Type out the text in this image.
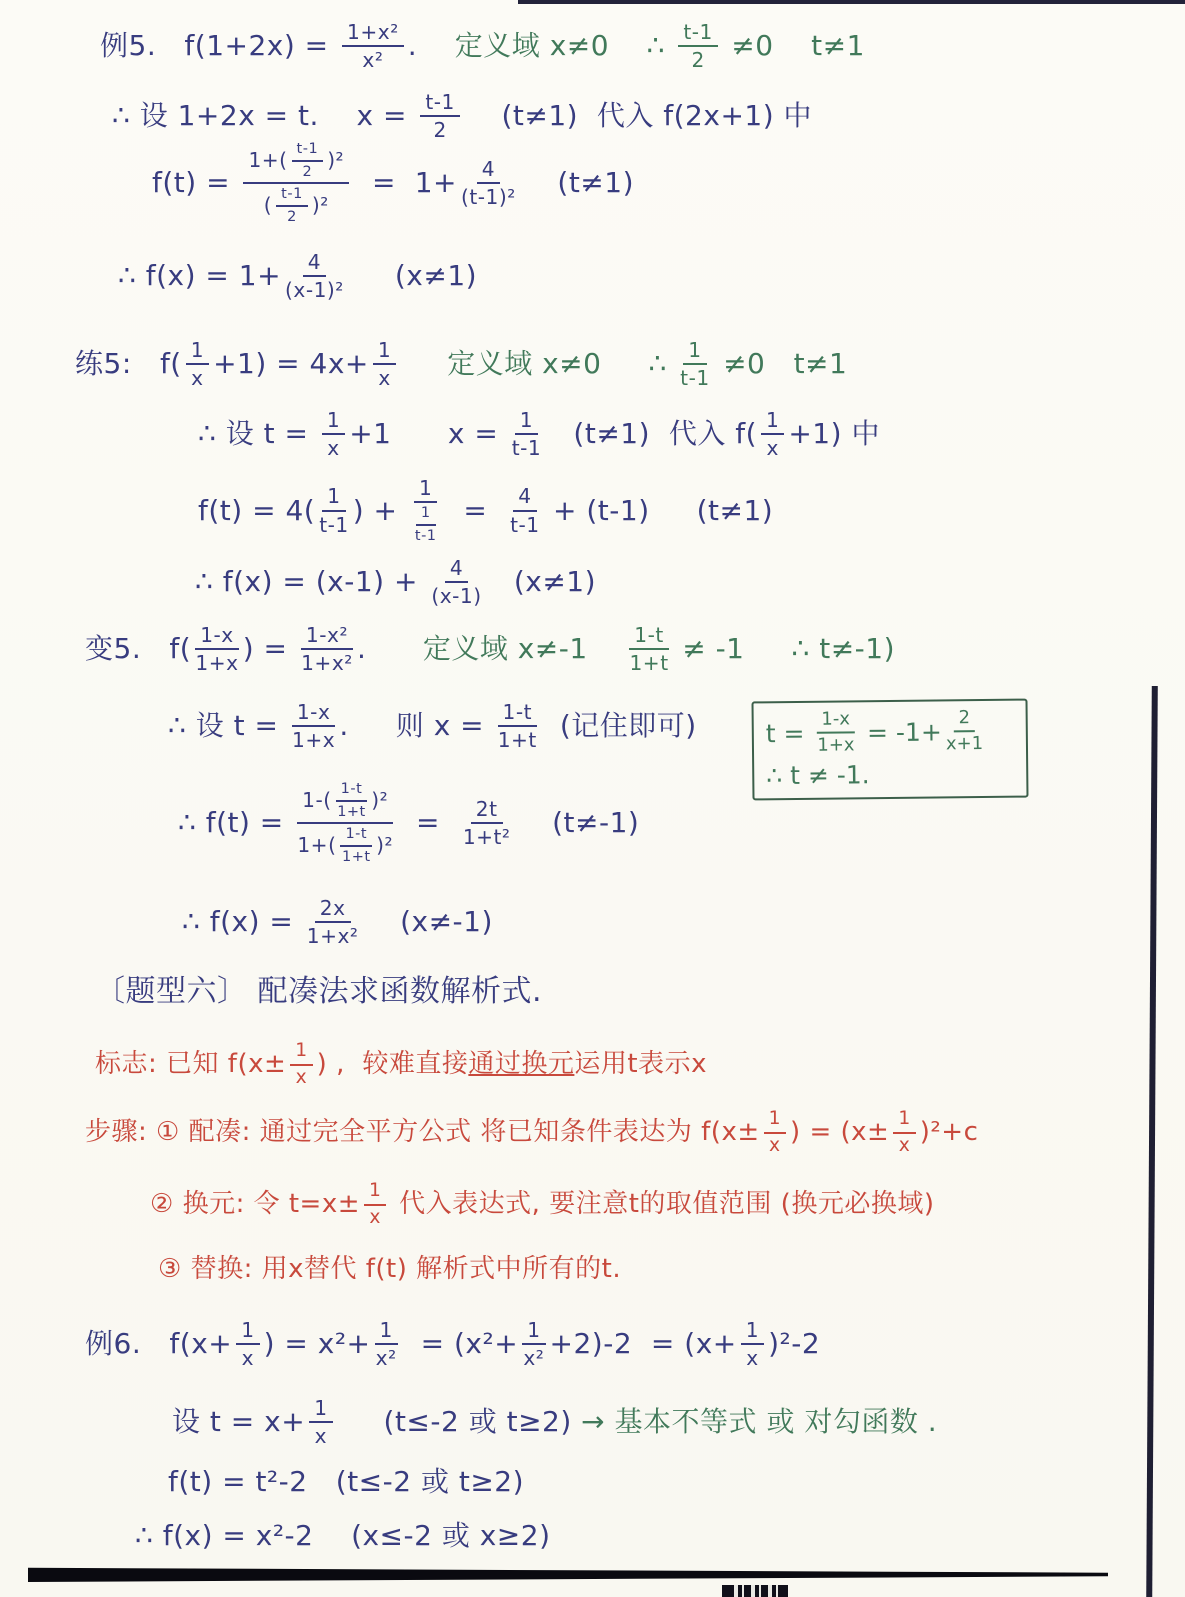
例5.   $f(1+2x) = \frac{\text{1+x²}}{\text{x²}}$ . 定义域 x≠0    ∴ $\frac{t-1}{2} \ne 0$    t≠1
∴ 设 1+2x = t.    $x = \frac{t-1}{2} (t\ne 1)$  代入 f(2x+1) 中
$f(t) = \frac{1+( \frac{t-1}{2} )^2}{( \frac{t-1}{2} )^2} = 1+ \frac{4}{\text{(t-1)²}} (t\ne 1)$
∴ $f(x) = 1+ \frac{4}{\text{(x-1)²}} (x\ne 1)$
练5:   $f( \frac{1}{x} +1) = 4x+ \frac{1}{x}$ 定义域 x≠0     ∴ $\frac{1}{t-1} \ne 0$   t≠1
∴ 设 $t = \frac{1}{x} +1$      $x = \frac{1}{t-1} (t\ne 1)$  代入 $f( \frac{1}{x} +1)$ 中
$f(t) = 4( \frac{1}{t-1}$ ) + $\frac{1}{\frac{1}{t-1}} = \frac{4}{t-1} + (t-1)$     (t≠1)
∴ $f(x) = (x-1) + \frac{4}{(x-1)} (x\ne 1)$
变5.   $f( \frac{1-x}{1+x}$ ) = $\frac{\text{1-x²}}{\text{1+x²}}$ . 定义域 $x\ne-1 \frac{1-t}{1+t} \ne -1$     ∴ t≠-1)
∴ 设 $t = \frac{1-x}{1+x}$ .     则 $x = \frac{1-t}{1+t}$ (记住即可)
∴ $f(t) = \frac{1-( \frac{1-t}{1+t} )^2}{1+( \frac{1-t}{1+t} )^2} = \frac{2t}{\text{1+t²}} (t\ne-1)$
∴ $f(x) = \frac{2x}{\text{1+x²}} (x\ne-1)$
〔题型六〕 配凑法求函数解析式.
标志: 已知 $f(x\pm \frac{1}{x}$ ) ,  较难直接 通过换元 运用t表示x
步骤: ① 配凑: 通过完全平方公式 将已知条件表达为 $f(x\pm \frac{1}{x}$ ) = $(x\pm \frac{1}{x} )^2+c$
② 换元: 令 $t=x\pm \frac{1}{x}$ 代入表达式, 要注意t的取值范围 (换元必换域)
③ 替换: 用x替代 f(t) 解析式中所有的t.
例6.   $f(x+ \frac{1}{x}$ ) = $x^2+ \frac{1}{\text{x²}} = (x^2+ \frac{1}{\text{x²}} +2)-2 = (x+ \frac{1}{x} )^2-2$
设 $t = x+ \frac{1}{x} (t\le-2$ 或 t≥2) → 基本不等式 或 对勾函数 .
f(t) = t²-2   (t≤-2 或 t≥2)
∴ f(x) = x²-2    (x≤-2 或 x≥2)
$t = \frac{1-x}{1+x} = -1+ \frac{2}{x+1}$
∴ t ≠ -1.
